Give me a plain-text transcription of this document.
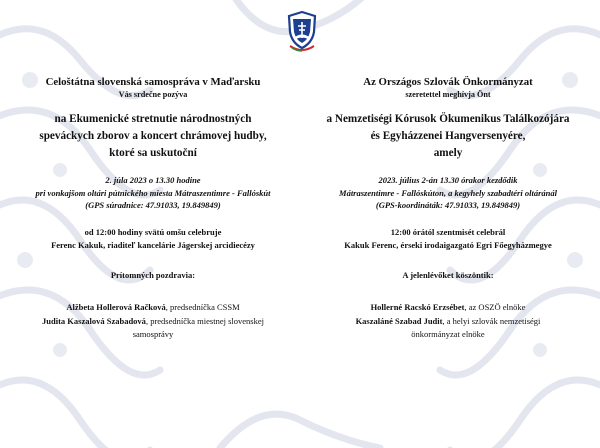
Celoštátna slovenská samospráva v Maďarsku

Vás srdečne pozýva

na Ekumenické stretnutie národnostných
speváckych zborov a koncert chrámovej hudby,
ktoré sa uskutoční

2. júla 2023 o 13.30 hodine
pri vonkajšom oltári pútnického miesta Mátraszentimre - Fallóskút
(GPS súradnice: 47.91033, 19.849849)

od 12:00 hodiny svätú omšu celebruje
Ferenc Kakuk, riaditeľ kancelárie Jágerskej arcidiecézy

Prítomných pozdravia:

Alžbeta Hollerová Račková, predsedníčka CSSM
Judita Kaszalová Szabadová, predsedníčka miestnej slovenskej
samosprávy

Az Országos Szlovák Önkormányzat

szeretettel meghívja Önt

a Nemzetiségi Kórusok Ökumenikus Találkozójára
és Egyházzenei Hangversenyére,
amely

2023. július 2-án 13.30 órakor kezdődik
Mátraszentimre - Fallóskúton, a kegyhely szabadtéri oltáránál
(GPS-koordináták: 47.91033, 19.849849)

12:00 órától szentmisét celebrál
Kakuk Ferenc, érseki irodaigazgató Egri Főegyházmegye

A jelenlévőket köszöntik:

Hollerné Racskó Erzsébet, az OSZÖ elnöke
Kaszaláné Szabad Judit, a helyi szlovák nemzetiségi
önkormányzat elnöke
